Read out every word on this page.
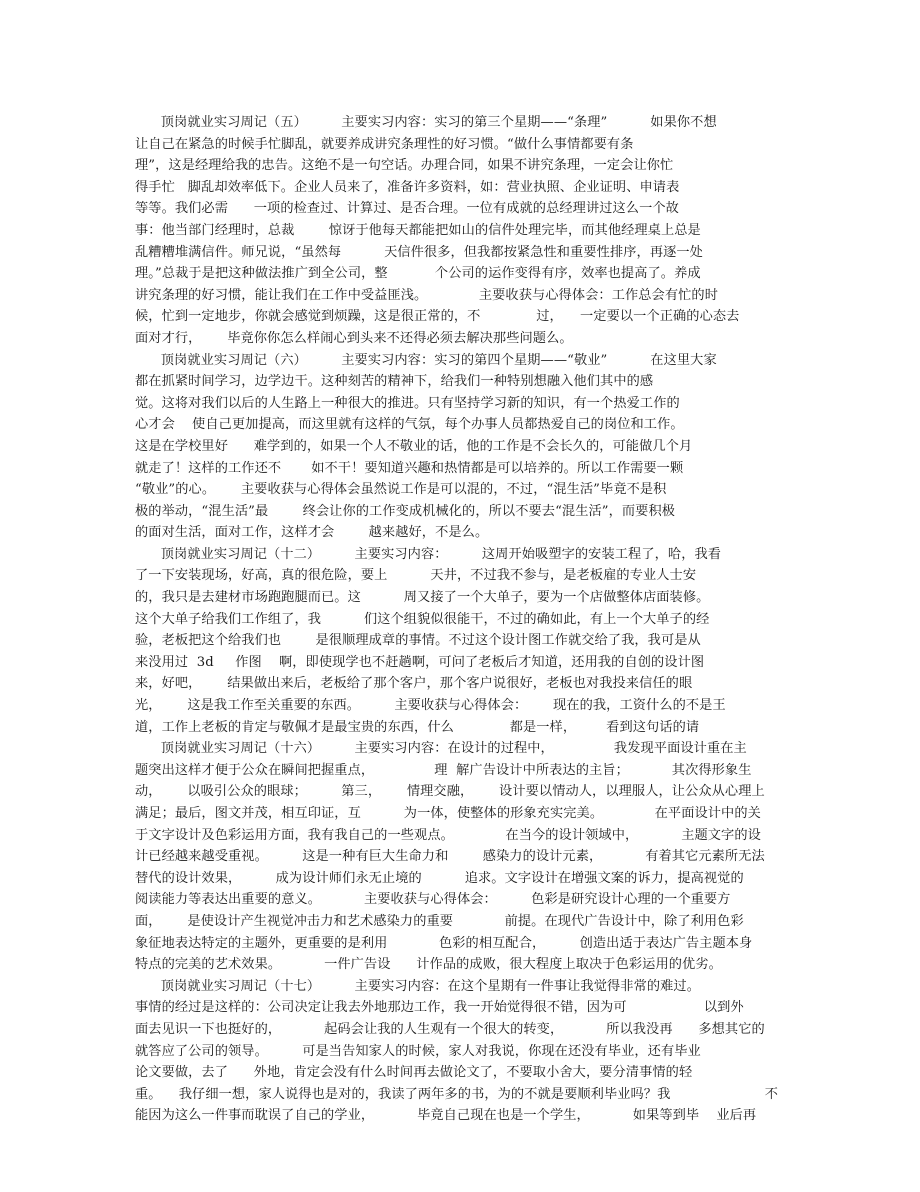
顶岗就业实习周记（五）        主要实习内容：实习的第三个星期——“条理”          如果你不想
让自己在紧急的时候手忙脚乱，就要养成讲究条理性的好习惯。“做什么事情都要有条
理”，这是经理给我的忠告。这绝不是一句空话。办理合同，如果不讲究条理，一定会让你忙
得手忙   脚乱却效率低下。企业人员来了，准备许多资料，如：营业执照、企业证明、申请表
等等。我们必需      一项的检查过、计算过、是否合理。一位有成就的总经理讲过这么一个故
事：他当部门经理时，总裁        惊讶于他每天都能把如山的信件处理完毕，而其他经理桌上总是
乱糟糟堆满信件。师兄说，“虽然每          天信件很多，但我都按紧急性和重要性排序，再逐一处
理。”总裁于是把这种做法推广到全公司，整           个公司的运作变得有序，效率也提高了。养成
讲究条理的好习惯，能让我们在工作中受益匪浅。            主要收获与心得体会：工作总会有忙的时
候，忙到一定地步，你就会感觉到烦躁，这是很正常的，不             过，    一定要以一个正确的心态去
面对才行，      毕竟你你怎么样闹心到头来不还得必须去解决那些问题么。
顶岗就业实习周记（六）        主要实习内容：实习的第四个星期——“敬业”          在这里大家
都在抓紧时间学习，边学边干。这种刻苦的精神下，给我们一种特别想融入他们其中的感
觉。这将对我们以后的人生路上一种很大的推进。只有坚持学习新的知识，有一个热爱工作的
心才会    使自己更加提高，而这里就有这样的气氛，每个办事人员都热爱自己的岗位和工作。
这是在学校里好      难学到的，如果一个人不敬业的话，他的工作是不会长久的，可能做几个月
就走了！这样的工作还不       如不干！要知道兴趣和热情都是可以培养的。所以工作需要一颗
“敬业”的心。      主要收获与心得体会虽然说工作是可以混的，不过，“混生活”毕竟不是积
极的举动，“混生活”最        终会让你的工作变成机械化的，所以不要去“混生活”，而要积极
的面对生活，面对工作，这样才会        越来越好，不是么。
顶岗就业实习周记（十二）        主要实习内容：        这周开始吸塑字的安装工程了，哈，我看
了一下安装现场，好高，真的很危险，要上          天井，不过我不参与，是老板雇的专业人士安
的，我只是去建材市场跑跑腿而已。这          周又接了一个大单子，要为一个店做整体店面装修。
这个大单子给我们工作组了，我          们这个组貌似很能干，不过的确如此，有上一个大单子的经
验，老板把这个给我们也        是很顺理成章的事情。不过这个设计图工作就交给了我，我可是从
来没用过  3d     作图    啊，即使现学也不赶趟啊，可问了老板后才知道，还用我的自创的设计图
来，好吧，      结果做出来后，老板给了那个客户，那个客户说很好，老板也对我投来信任的眼
光，      这是我工作至关重要的东西。        主要收获与心得体会：      现在的我，工资什么的不是王
道，工作上老板的肯定与敬佩才是最宝贵的东西，什么             都是一样，       看到这句话的请
顶岗就业实习周记（十六）        主要实习内容：在设计的过程中，              我发现平面设计重在主
题突出这样才便于公众在瞬间把握重点，              理  解广告设计中所表达的主旨；          其次得形象生
动，      以吸引公众的眼球；        第三，      情理交融，      设计要以情动人，以理服人，让公众从心理上
满足；最后，图文并茂，相互印证，互          为一体，使整体的形象充实完美。            在平面设计中的关
于文字设计及色彩运用方面，我有我自己的一些观点。            在当今的设计领域中，          主题文字的设
计已经越来越受重视。        这是一种有巨大生命力和        感染力的设计元素，          有着其它元素所无法
替代的设计效果，        成为设计师们永无止境的          追求。文字设计在增强文案的诉力，提高视觉的
阅读能力等表达出重要的意义。          主要收获与心得体会：        色彩是研究设计心理的一个重要方
面，      是使设计产生视觉冲击力和艺术感染力的重要            前提。在现代广告设计中，除了利用色彩
象征地表达特定的主题外，更重要的是利用            色彩的相互配合，        创造出适于表达广告主题本身
特点的完美的艺术效果。          一件广告设      计作品的成败，很大程度上取决于色彩运用的优劣。
顶岗就业实习周记（十七）        主要实习内容：在这个星期有一件事让我觉得非常的难过。
事情的经过是这样的：公司决定让我去外地那边工作，我一开始觉得很不错，因为可                  以到外
面去见识一下也挺好的，          起码会让我的人生观有一个很大的转变，          所以我没再      多想其它的
就答应了公司的领导。        可是当告知家人的时候，家人对我说，你现在还没有毕业，还有毕业
论文要做，去了      外地，肯定会没有什么时间再去做论文了，不要取小舍大，要分清事情的轻
重。    我仔细一想，家人说得也是对的，我读了两年多的书，为的不就是要顺利毕业吗？我                      不
能因为这么一件事而耽误了自己的学业，          毕竟自己现在也是一个学生，          如果等到毕    业后再
